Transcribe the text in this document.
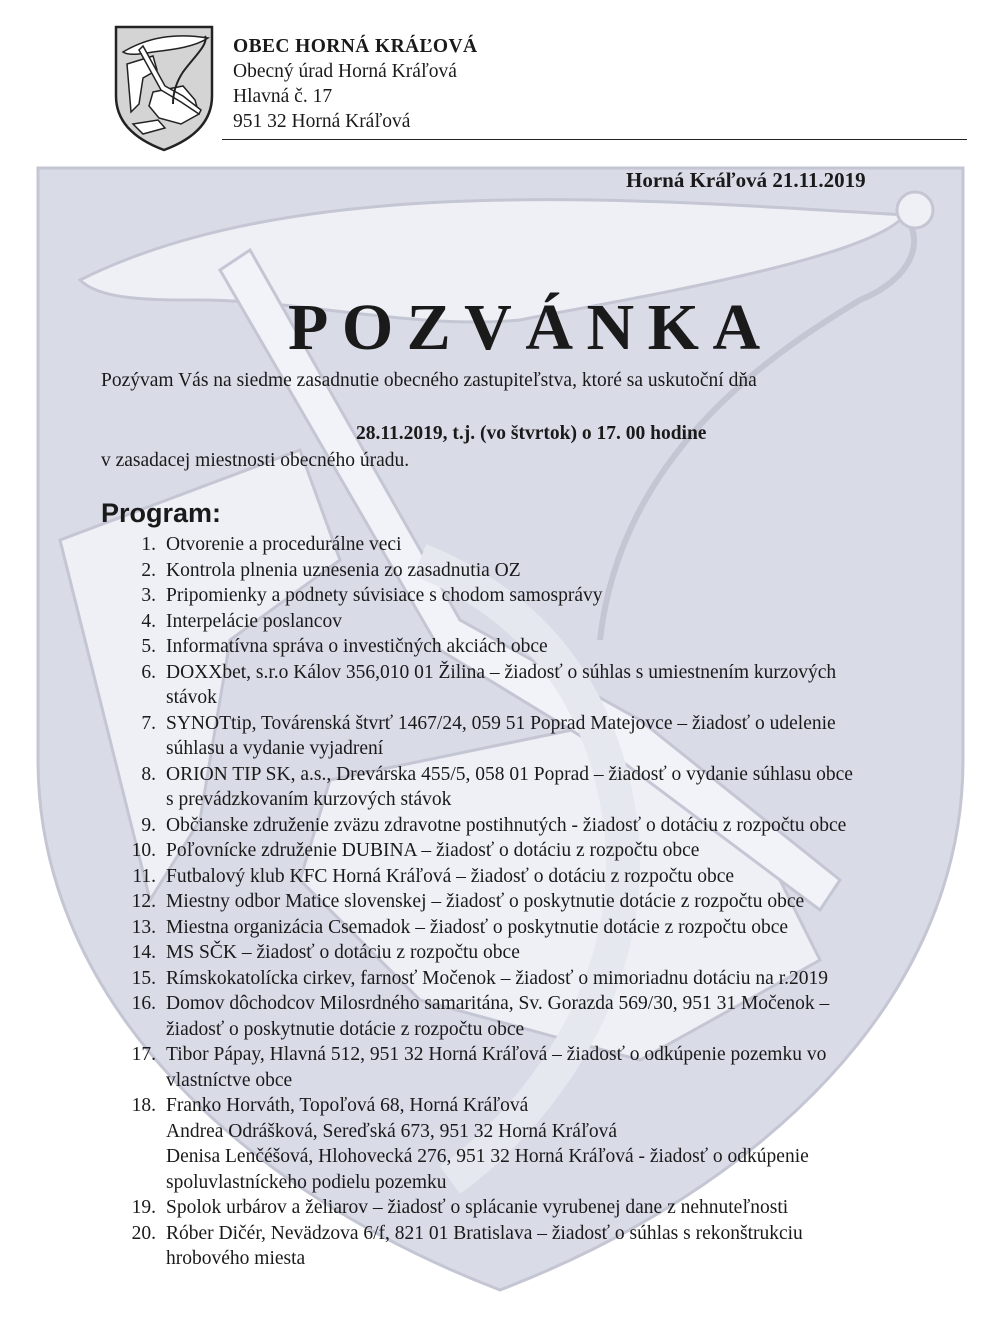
OBEC HORNÁ KRÁĽOVÁ
Obecný úrad Horná Kráľová
Hlavná č. 17
951 32 Horná Kráľová
Horná Kráľová 21.11.2019
POZVÁNKA
Pozývam Vás na siedme zasadnutie obecného zastupiteľstva, ktoré sa uskutoční dňa
28.11.2019, t.j. (vo štvrtok) o 17. 00 hodine
v zasadacej miestnosti obecného úradu.
Program:
1. Otvorenie a procedurálne veci
2. Kontrola plnenia uznesenia zo zasadnutia OZ
3. Pripomienky a podnety súvisiace s chodom samosprávy
4. Interpelácie poslancov
5. Informatívna správa o investičných akciách obce
6. DOXXbet, s.r.o Kálov 356,010 01 Žilina – žiadosť o súhlas s umiestnením kurzových
stávok
7. SYNOTtip, Továrenská štvrť 1467/24, 059 51 Poprad Matejovce – žiadosť o udelenie
súhlasu a vydanie vyjadrení
8. ORION TIP SK, a.s., Drevárska 455/5, 058 01 Poprad – žiadosť o vydanie súhlasu obce
s prevádzkovaním kurzových stávok
9. Občianske združenie zväzu zdravotne postihnutých - žiadosť o dotáciu z rozpočtu obce
10. Poľovnícke združenie DUBINA – žiadosť o dotáciu z rozpočtu obce
11. Futbalový klub KFC Horná Kráľová – žiadosť o dotáciu z rozpočtu obce
12. Miestny odbor Matice slovenskej – žiadosť o poskytnutie dotácie z rozpočtu obce
13. Miestna organizácia Csemadok – žiadosť o poskytnutie dotácie z rozpočtu obce
14. MS SČK – žiadosť o dotáciu z rozpočtu obce
15. Rímskokatolícka cirkev, farnosť Močenok – žiadosť o mimoriadnu dotáciu na r.2019
16. Domov dôchodcov Milosrdného samaritána, Sv. Gorazda 569/30, 951 31 Močenok –
žiadosť o poskytnutie dotácie z rozpočtu obce
17. Tibor Pápay, Hlavná 512, 951 32 Horná Kráľová – žiadosť o odkúpenie pozemku vo
vlastníctve obce
18. Franko Horváth, Topoľová 68, Horná Kráľová
Andrea Odrášková, Sereďská 673, 951 32 Horná Kráľová
Denisa Lenčéšová, Hlohovecká 276, 951 32 Horná Kráľová - žiadosť o odkúpenie
spoluvlastníckeho podielu pozemku
19. Spolok urbárov a želiarov – žiadosť o splácanie vyrubenej dane z nehnuteľnosti
20. Róber Dičér, Nevädzova 6/f, 821 01 Bratislava – žiadosť o súhlas s rekonštrukciu
hrobového miesta
